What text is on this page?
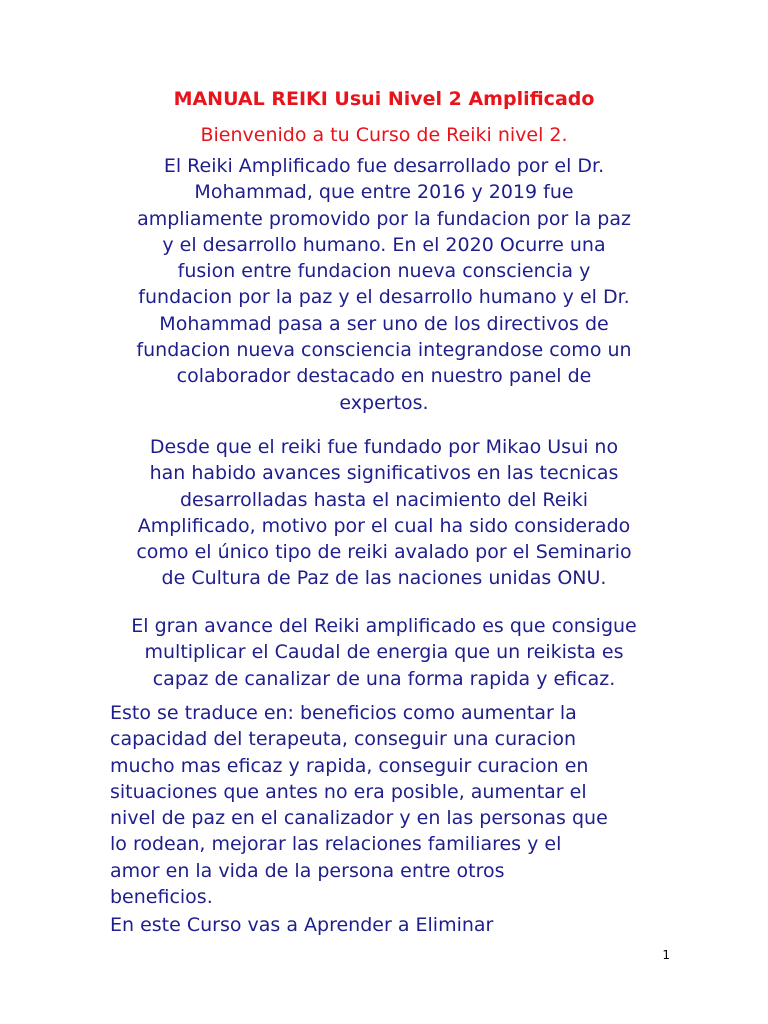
MANUAL REIKI Usui Nivel 2 Amplificado

Bienvenido a tu Curso de Reiki nivel 2.

El Reiki Amplificado fue desarrollado por el Dr.
Mohammad, que entre 2016 y 2019 fue
ampliamente promovido por la fundacion por la paz
y el desarrollo humano. En el 2020 Ocurre una
fusion entre fundacion nueva consciencia y
fundacion por la paz y el desarrollo humano y el Dr.
Mohammad pasa a ser uno de los directivos de
fundacion nueva consciencia integrandose como un
colaborador destacado en nuestro panel de
expertos.

Desde que el reiki fue fundado por Mikao Usui no
han habido avances significativos en las tecnicas
desarrolladas hasta el nacimiento del Reiki
Amplificado, motivo por el cual ha sido considerado
como el único tipo de reiki avalado por el Seminario
de Cultura de Paz de las naciones unidas ONU.

El gran avance del Reiki amplificado es que consigue
multiplicar el Caudal de energia que un reikista es
capaz de canalizar de una forma rapida y eficaz.

Esto se traduce en: beneficios como aumentar la
capacidad del terapeuta, conseguir una curacion
mucho mas eficaz y rapida, conseguir curacion en
situaciones que antes no era posible, aumentar el
nivel de paz en el canalizador y en las personas que
lo rodean, mejorar las relaciones familiares y el
amor en la vida de la persona entre otros
beneficios.

En este Curso vas a Aprender a Eliminar

1
